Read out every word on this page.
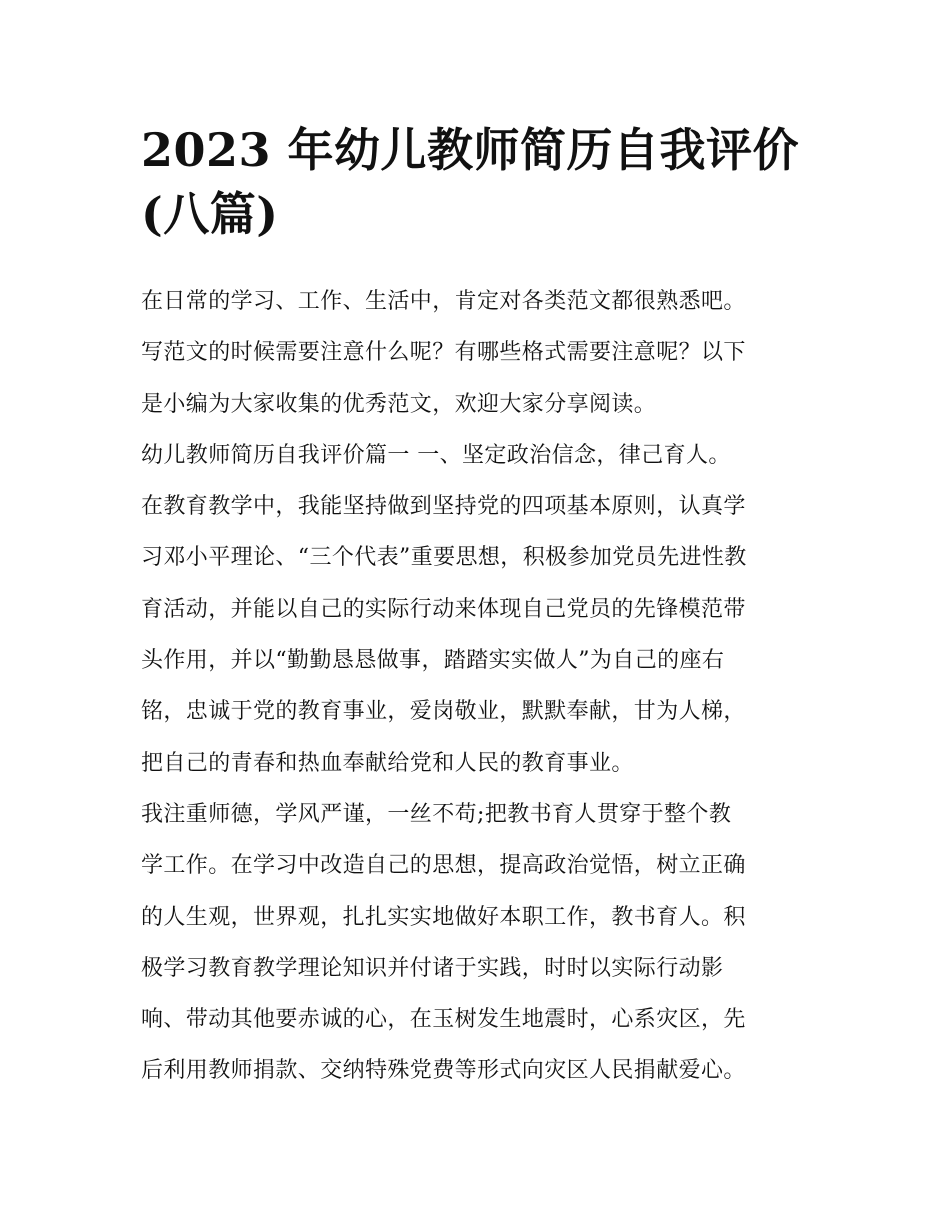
2023 年幼儿教师简历自我评价
(八篇)
在日常的学习、工作、生活中，肯定对各类范文都很熟悉吧。
写范文的时候需要注意什么呢？有哪些格式需要注意呢？以下
是小编为大家收集的优秀范文，欢迎大家分享阅读。
幼儿教师简历自我评价篇一 一、坚定政治信念，律己育人。
在教育教学中，我能坚持做到坚持党的四项基本原则，认真学
习邓小平理论、“三个代表”重要思想，积极参加党员先进性教
育活动，并能以自己的实际行动来体现自己党员的先锋模范带
头作用，并以“勤勤恳恳做事，踏踏实实做人”为自己的座右
铭，忠诚于党的教育事业，爱岗敬业，默默奉献，甘为人梯，
把自己的青春和热血奉献给党和人民的教育事业。
我注重师德，学风严谨，一丝不苟;把教书育人贯穿于整个教
学工作。在学习中改造自己的思想，提高政治觉悟，树立正确
的人生观，世界观，扎扎实实地做好本职工作，教书育人。积
极学习教育教学理论知识并付诸于实践，时时以实际行动影
响、带动其他要赤诚的心，在玉树发生地震时，心系灾区，先
后利用教师捐款、交纳特殊党费等形式向灾区人民捐献爱心。
